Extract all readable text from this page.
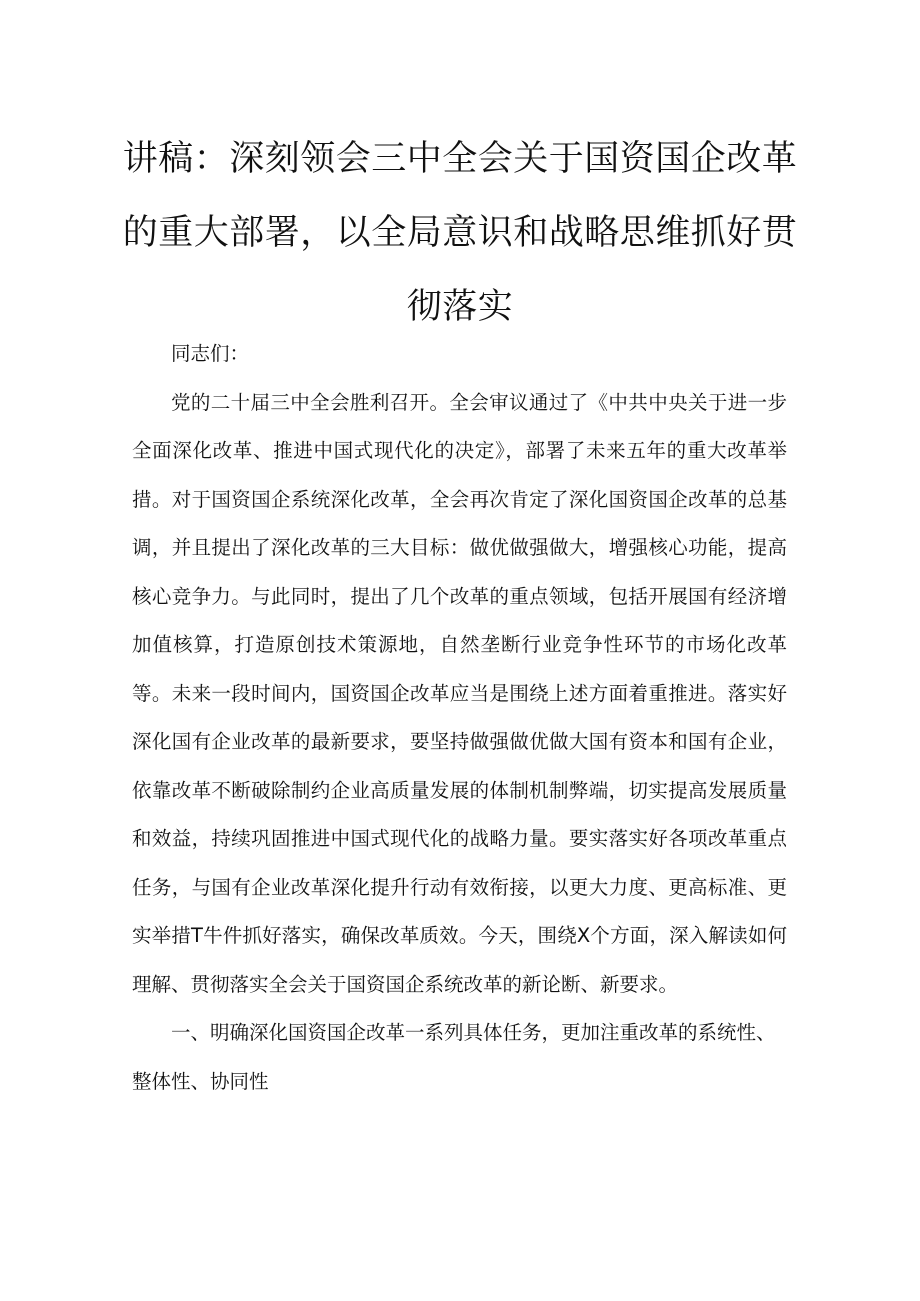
讲稿：深刻领会三中全会关于国资国企改革的重大部署，以全局意识和战略思维抓好贯彻落实

同志们：

党的二十届三中全会胜利召开。全会审议通过了《中共中央关于进一步全面深化改革、推进中国式现代化的决定》，部署了未来五年的重大改革举措。对于国资国企系统深化改革，全会再次肯定了深化国资国企改革的总基调，并且提出了深化改革的三大目标：做优做强做大，增强核心功能，提高核心竞争力。与此同时，提出了几个改革的重点领域，包括开展国有经济增加值核算，打造原创技术策源地，自然垄断行业竞争性环节的市场化改革等。未来一段时间内，国资国企改革应当是围绕上述方面着重推进。落实好深化国有企业改革的最新要求，要坚持做强做优做大国有资本和国有企业，依靠改革不断破除制约企业高质量发展的体制机制弊端，切实提高发展质量和效益，持续巩固推进中国式现代化的战略力量。要实落实好各项改革重点任务，与国有企业改革深化提升行动有效衔接，以更大力度、更高标准、更实举措T牛件抓好落实，确保改革质效。今天，围绕X个方面，深入解读如何理解、贯彻落实全会关于国资国企系统改革的新论断、新要求。

一、明确深化国资国企改革一系列具体任务，更加注重改革的系统性、整体性、协同性
